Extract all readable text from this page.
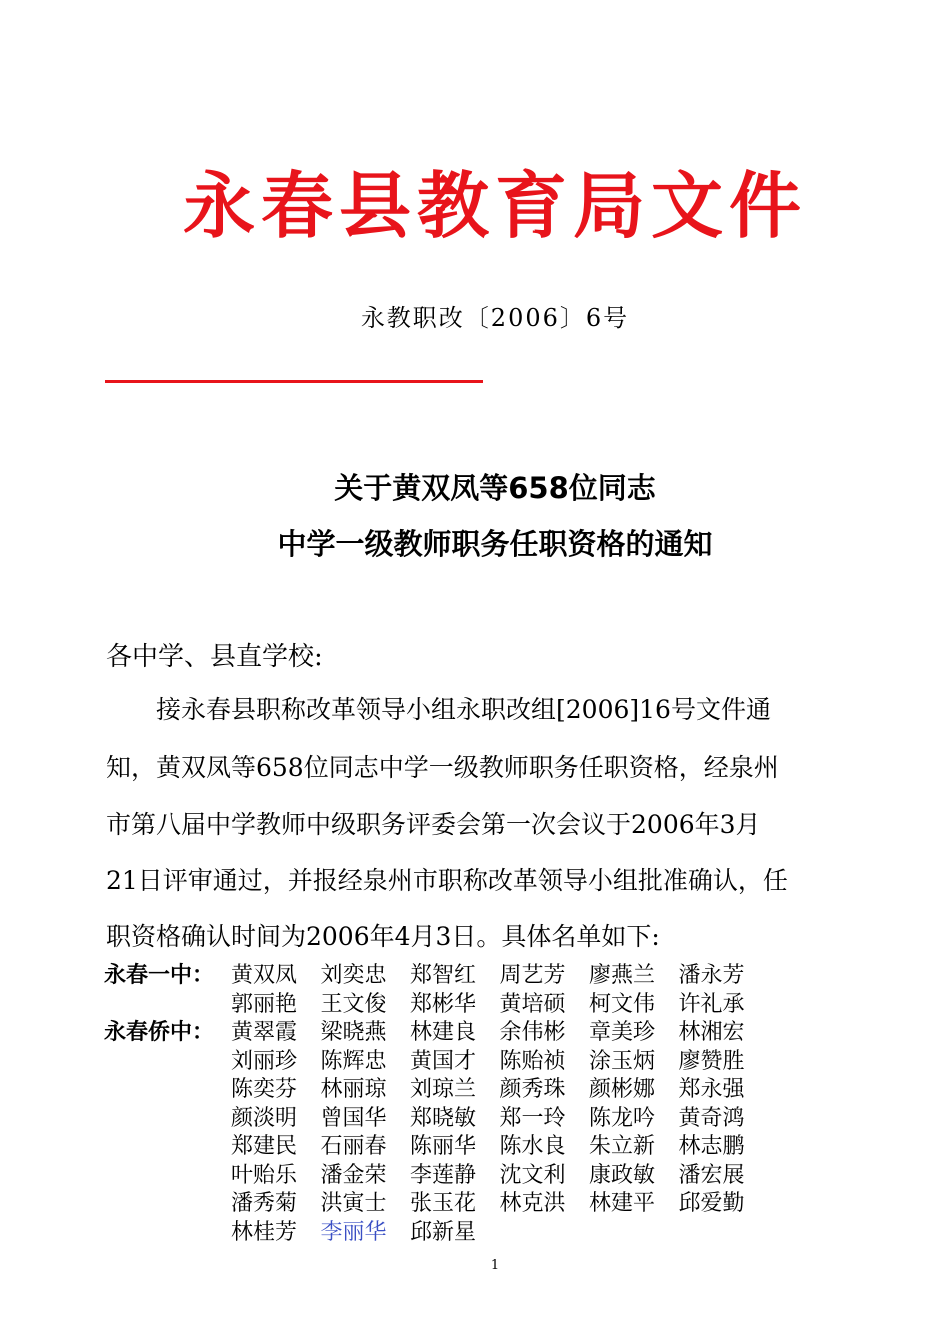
永春县教育局文件
永教职改〔2006〕6号
关于黄双凤等658位同志
中学一级教师职务任职资格的通知
各中学、县直学校:
　　接永春县职称改革领导小组永职改组[2006]16号文件通
知，黄双凤等658位同志中学一级教师职务任职资格，经泉州
市第八届中学教师中级职务评委会第一次会议于2006年3月
21日评审通过，并报经泉州市职称改革领导小组批准确认，任
职资格确认时间为2006年4月3日。具体名单如下:
永春一中： 黄双凤	刘奕忠	郑智红	周艺芳	廖燕兰	潘永芳
郭丽艳	王文俊	郑彬华	黄培硕	柯文伟	许礼承
永春侨中： 黄翠霞	梁晓燕	林建良	余伟彬	章美珍	林湘宏
刘丽珍	陈辉忠	黄国才	陈贻祯	涂玉炳	廖赞胜
陈奕芬	林丽琼	刘琼兰	颜秀珠	颜彬娜	郑永强
颜淡明	曾国华	郑晓敏	郑一玲	陈龙吟	黄奇鸿
郑建民	石丽春	陈丽华	陈水良	朱立新	林志鹏
叶贻乐	潘金荣	李莲静	沈文利	康政敏	潘宏展
潘秀菊	洪寅士	张玉花	林克洪	林建平	邱爱勤
林桂芳	李丽华	邱新星
1
